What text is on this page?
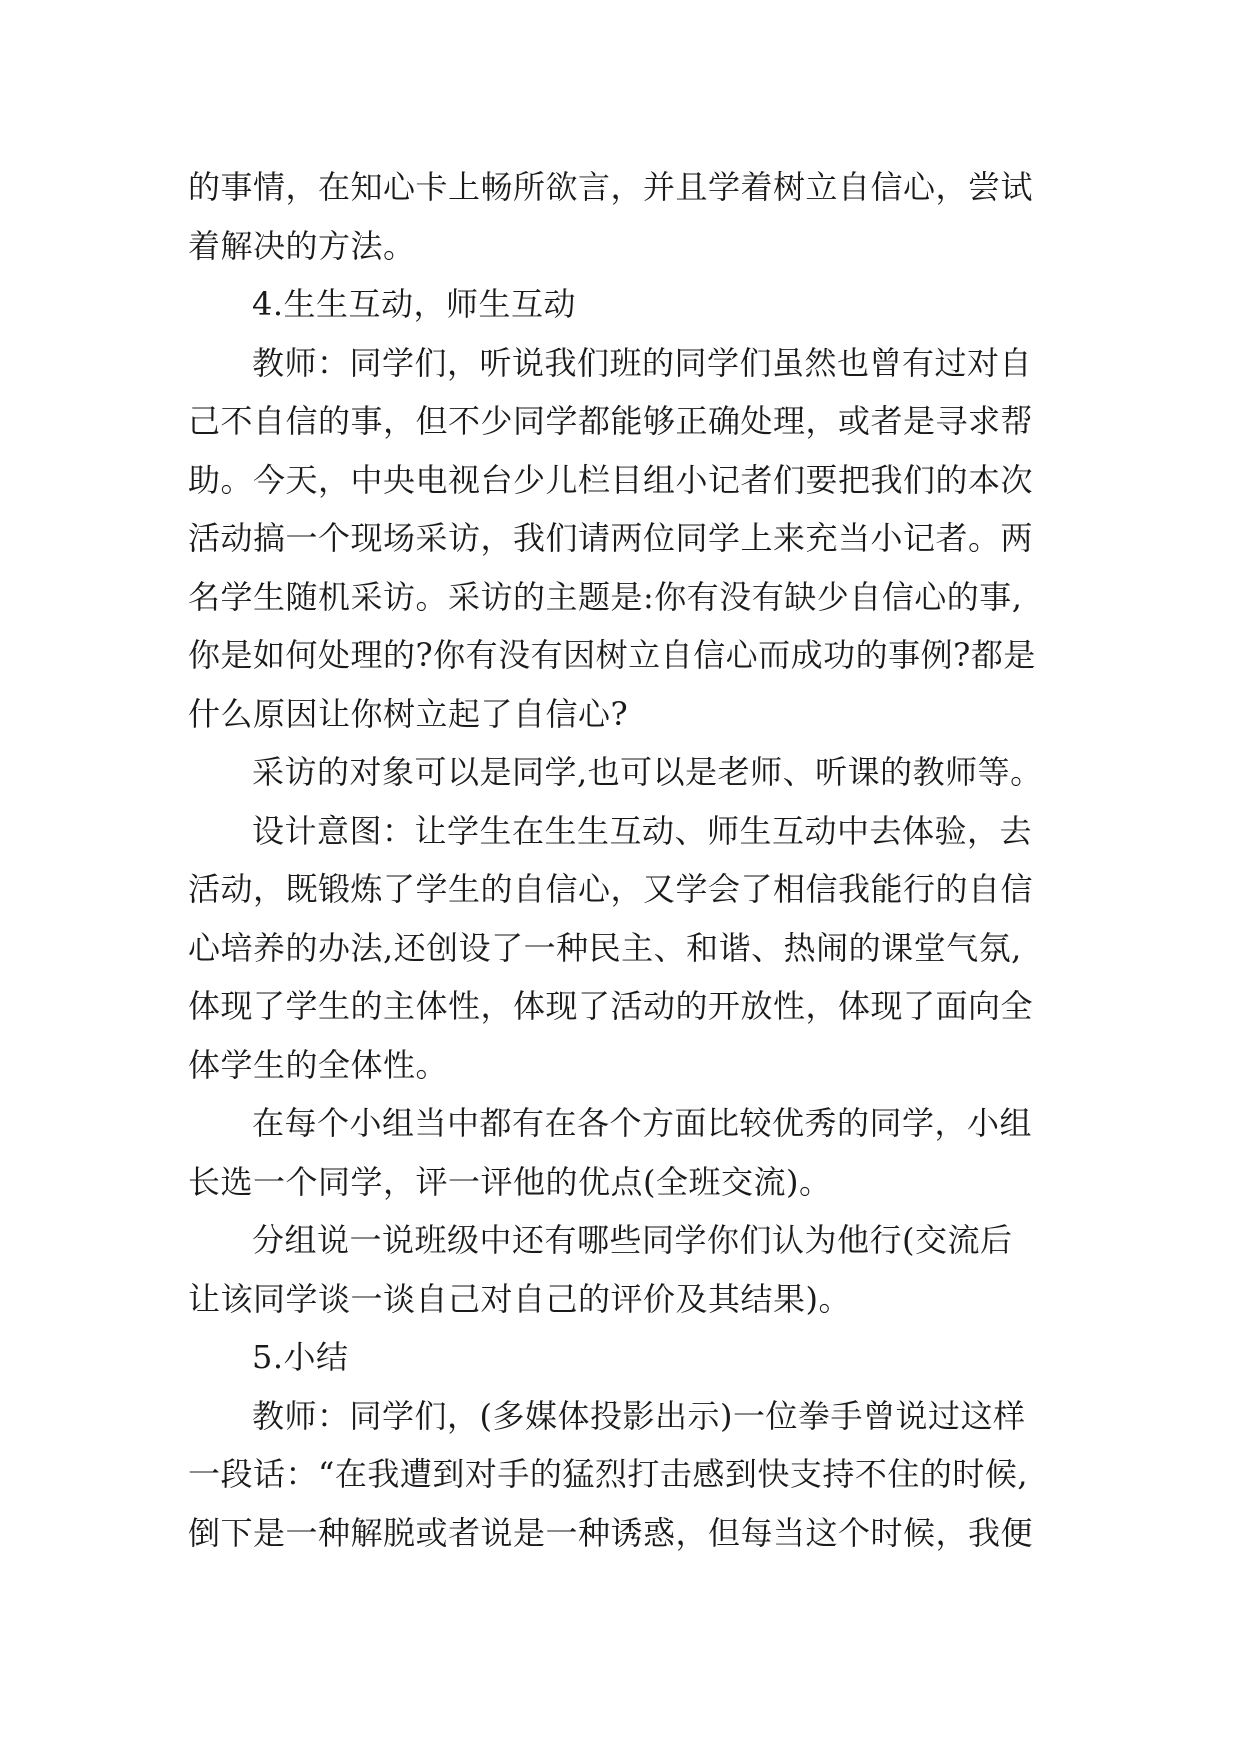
的事情，在知心卡上畅所欲言，并且学着树立自信心，尝试
着解决的方法。

4.生生互动，师生互动

教师：同学们，听说我们班的同学们虽然也曾有过对自
己不自信的事，但不少同学都能够正确处理，或者是寻求帮
助。今天，中央电视台少儿栏目组小记者们要把我们的本次
活动搞一个现场采访，我们请两位同学上来充当小记者。两
名学生随机采访。采访的主题是:你有没有缺少自信心的事,
你是如何处理的?你有没有因树立自信心而成功的事例?都是
什么原因让你树立起了自信心?

采访的对象可以是同学,也可以是老师、听课的教师等。

设计意图：让学生在生生互动、师生互动中去体验，去
活动，既锻炼了学生的自信心，又学会了相信我能行的自信
心培养的办法,还创设了一种民主、和谐、热闹的课堂气氛,
体现了学生的主体性，体现了活动的开放性，体现了面向全
体学生的全体性。

在每个小组当中都有在各个方面比较优秀的同学，小组
长选一个同学，评一评他的优点(全班交流)。

分组说一说班级中还有哪些同学你们认为他行(交流后
让该同学谈一谈自己对自己的评价及其结果)。

5.小结

教师：同学们，(多媒体投影出示)一位拳手曾说过这样
一段话：“在我遭到对手的猛烈打击感到快支持不住的时候,
倒下是一种解脱或者说是一种诱惑，但每当这个时候，我便
